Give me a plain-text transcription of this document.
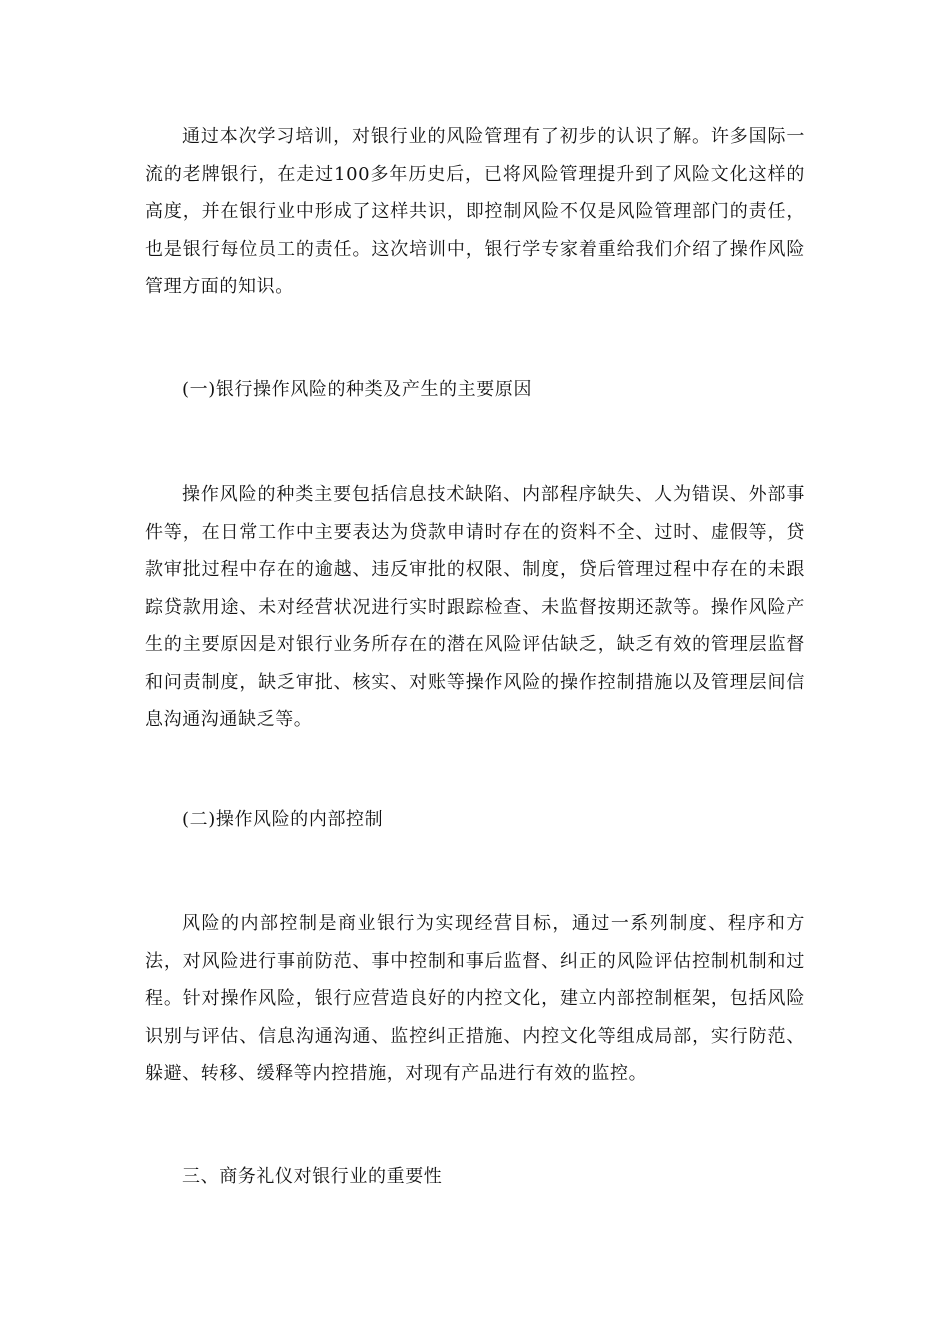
通过本次学习培训，对银行业的风险管理有了初步的认识了解。许多国际一流的老牌银行，在走过100多年历史后，已将风险管理提升到了风险文化这样的高度，并在银行业中形成了这样共识，即控制风险不仅是风险管理部门的责任，也是银行每位员工的责任。这次培训中，银行学专家着重给我们介绍了操作风险管理方面的知识。

(一)银行操作风险的种类及产生的主要原因

操作风险的种类主要包括信息技术缺陷、内部程序缺失、人为错误、外部事件等，在日常工作中主要表达为贷款申请时存在的资料不全、过时、虚假等，贷款审批过程中存在的逾越、违反审批的权限、制度，贷后管理过程中存在的未跟踪贷款用途、未对经营状况进行实时跟踪检查、未监督按期还款等。操作风险产生的主要原因是对银行业务所存在的潜在风险评估缺乏，缺乏有效的管理层监督和问责制度，缺乏审批、核实、对账等操作风险的操作控制措施以及管理层间信息沟通沟通缺乏等。

(二)操作风险的内部控制

风险的内部控制是商业银行为实现经营目标，通过一系列制度、程序和方法，对风险进行事前防范、事中控制和事后监督、纠正的风险评估控制机制和过程。针对操作风险，银行应营造良好的内控文化，建立内部控制框架，包括风险识别与评估、信息沟通沟通、监控纠正措施、内控文化等组成局部，实行防范、躲避、转移、缓释等内控措施，对现有产品进行有效的监控。

三、商务礼仪对银行业的重要性
